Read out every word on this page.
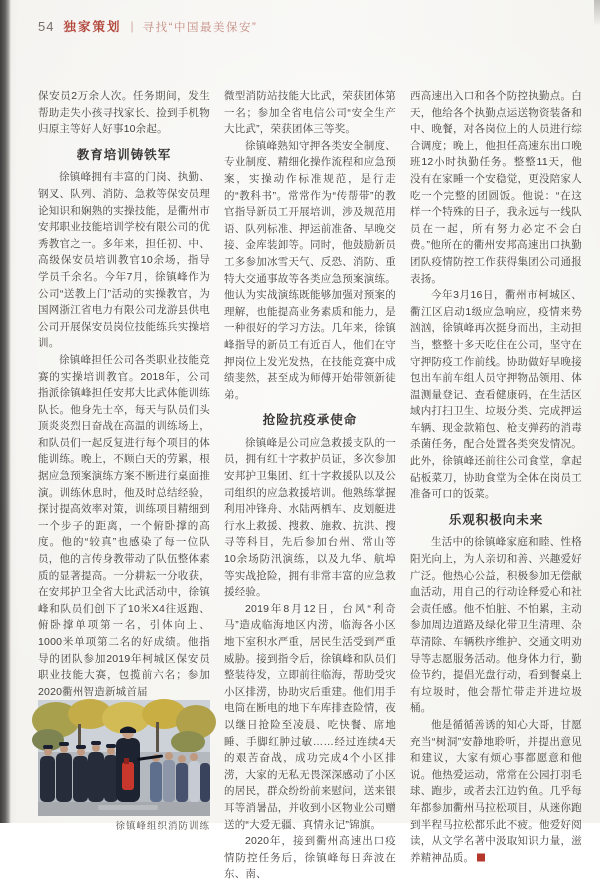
54 独家策划 | 寻找“中国最美保安”

保安员2万余人次。任务期间，发生帮助走失小孩寻找家长、捡到手机物归原主等好人好事10余起。

教育培训铸铁军

徐镇峰拥有丰富的门岗、执勤、钢叉、队列、消防、急救等保安员理论知识和娴熟的实操技能，是衢州市安邦职业技能培训学校有限公司的优秀教官之一。多年来，担任初、中、高级保安员培训教官10余场，指导学员千余名。今年7月，徐镇峰作为公司“送教上门”活动的实操教官，为国网浙江省电力有限公司龙游县供电公司开展保安员岗位技能练兵实操培训。

徐镇峰担任公司各类职业技能竞赛的实操培训教官。2018年，公司指派徐镇峰担任安邦大比武体能训练队长。他身先士卒，每天与队员们头顶炎炎烈日奋战在高温的训练场上，和队员们一起反复进行每个项目的体能训练。晚上，不顾白天的劳累，根据应急预案演练方案不断进行桌面推演。训练休息时，他及时总结经验，探讨提高效率对策，训练项目精细到一个步子的距离，一个俯卧撑的高度。他的“较真”也感染了每一位队员，他的言传身教带动了队伍整体素质的显著提高。一分耕耘一分收获，在安邦护卫全省大比武活动中，徐镇峰和队员们创下了10米X4往返跑、俯卧撑单项第一名，引体向上、1000米单项第二名的好成绩。他指导的团队参加2019年柯城区保安员职业技能大赛，包揽前六名；参加2020衢州智造新城首届

徐镇峰组织消防训练

微型消防站技能大比武，荣获团体第一名；参加全省电信公司“安全生产大比武”，荣获团体三等奖。

徐镇峰熟知守押各类安全制度、专业制度、精细化操作流程和应急预案，实操动作标准规范，是行走的“教科书”。常常作为“传帮带”的教官指导新员工开展培训，涉及规范用语、队列标准、押运前准备、早晚交接、金库装卸等。同时，他鼓励新员工多参加冰雪天气、反恐、消防、重特大交通事故等各类应急预案演练。他认为实战演练既能够加强对预案的理解，也能提高业务素质和能力，是一种很好的学习方法。几年来，徐镇峰指导的新员工有近百人，他们在守押岗位上发光发热，在技能竞赛中成绩斐然，甚至成为师傅开始带领新徒弟。

抢险抗疫承使命

徐镇峰是公司应急救援支队的一员，拥有红十字救护员证，多次参加安邦护卫集团、红十字救援队以及公司组织的应急救援培训。他熟练掌握利用冲锋舟、水陆两栖车、皮划艇进行水上救援、搜救、施救、抗洪、搜寻等科目，先后参加台州、常山等10余场防汛演练，以及九华、航埠等实战抢险，拥有非常丰富的应急救援经验。

2019年8月12日，台风“利奇马”造成临海地区内涝，临海各小区地下室积水严重，居民生活受到严重威胁。接到指令后，徐镇峰和队员们整装待发，立即前往临海，帮助受灾小区排涝，协助灾后重建。他们用手电筒在断电的地下车库排查险情，夜以继日抢险至凌晨、吃快餐、席地睡、手脚红肿过敏……经过连续4天的艰苦奋战，成功完成4个小区排涝，大家的无私无畏深深感动了小区的居民，群众纷纷前来慰问，送来银耳等消暑品，并收到小区物业公司赠送的“大爱无疆、真情永记”锦旗。

2020年，接到衢州高速出口疫情防控任务后，徐镇峰每日奔波在东、南、

西高速出入口和各个防控执勤点。白天，他给各个执勤点运送物资装备和中、晚餐，对各岗位上的人员进行综合调度；晚上，他担任高速东出口晚班12小时执勤任务。整整11天，他没有在家睡一个安稳觉，更没陪家人吃一个完整的团圆饭。他说：“在这样一个特殊的日子，我永远与一线队员在一起，所有努力必定不会白费。”他所在的衢州安邦高速出口执勤团队疫情防控工作获得集团公司通报表扬。

今年3月16日，衢州市柯城区、衢江区启动1级应急响应，疫情来势汹汹，徐镇峰再次挺身而出，主动担当，整整十多天吃住在公司，坚守在守押防疫工作前线。协助做好早晚接包出车前车组人员守押物品领用、体温测量登记、查看健康码，在生活区域内打扫卫生、垃圾分类、完成押运车辆、现金款箱包、枪支弹药的消毒杀菌任务，配合处置各类突发情况。此外，徐镇峰还前往公司食堂，拿起砧板菜刀，协助食堂为全体在岗员工准备可口的饭菜。

乐观积极向未来

生活中的徐镇峰家庭和睦、性格阳光向上，为人亲切和善、兴趣爱好广泛。他热心公益，积极参加无偿献血活动，用自己的行动诠释爱心和社会责任感。他不怕脏、不怕累，主动参加周边道路及绿化带卫生清理、杂草清除、车辆秩序维护、交通文明劝导等志愿服务活动。他身体力行，勤俭节约，提倡光盘行动，看到餐桌上有垃圾时，他会帮忙带走并进垃圾桶。

他是循循善诱的知心大哥，甘愿充当“树洞”安静地聆听，并提出意见和建议，大家有烦心事都愿意和他说。他热爱运动，常常在公园打羽毛球、跑步，或者去江边钓鱼。几乎每年都参加衢州马拉松项目，从迷你跑到半程马拉松都乐此不疲。他爱好阅读，从文学名著中汲取知识力量，滋养精神品质。
